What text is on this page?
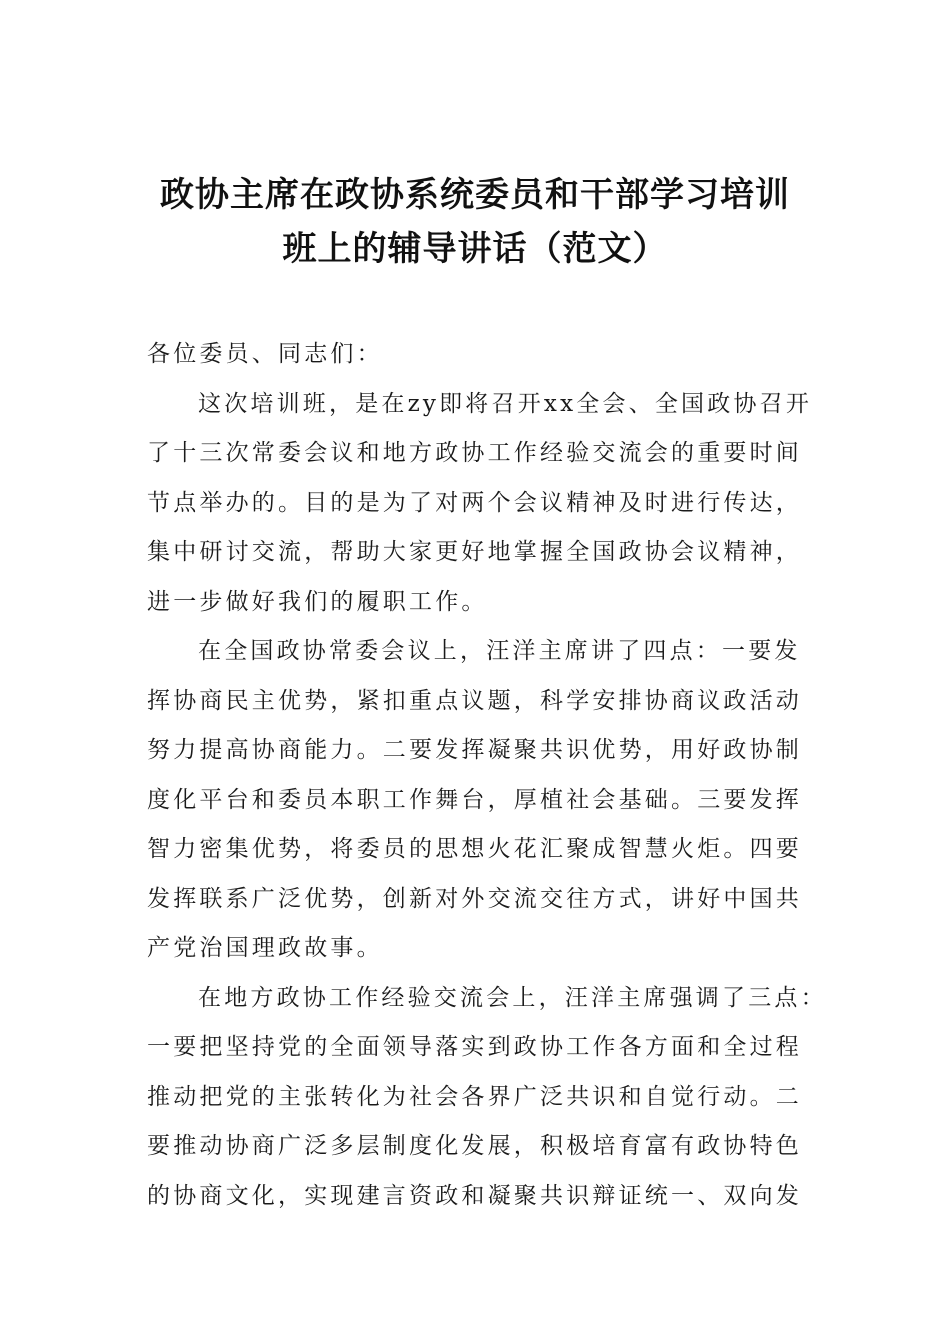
政协主席在政协系统委员和干部学习培训
班上的辅导讲话（范文）
各位委员、同志们：
这次培训班，是在zy即将召开xx全会、全国政协召开
了十三次常委会议和地方政协工作经验交流会的重要时间
节点举办的。目的是为了对两个会议精神及时进行传达，
集中研讨交流，帮助大家更好地掌握全国政协会议精神，
进一步做好我们的履职工作。
在全国政协常委会议上，汪洋主席讲了四点：一要发
挥协商民主优势，紧扣重点议题，科学安排协商议政活动
努力提高协商能力。二要发挥凝聚共识优势，用好政协制
度化平台和委员本职工作舞台，厚植社会基础。三要发挥
智力密集优势，将委员的思想火花汇聚成智慧火炬。四要
发挥联系广泛优势，创新对外交流交往方式，讲好中国共
产党治国理政故事。
在地方政协工作经验交流会上，汪洋主席强调了三点：
一要把坚持党的全面领导落实到政协工作各方面和全过程
推动把党的主张转化为社会各界广泛共识和自觉行动。二
要推动协商广泛多层制度化发展，积极培育富有政协特色
的协商文化，实现建言资政和凝聚共识辩证统一、双向发
